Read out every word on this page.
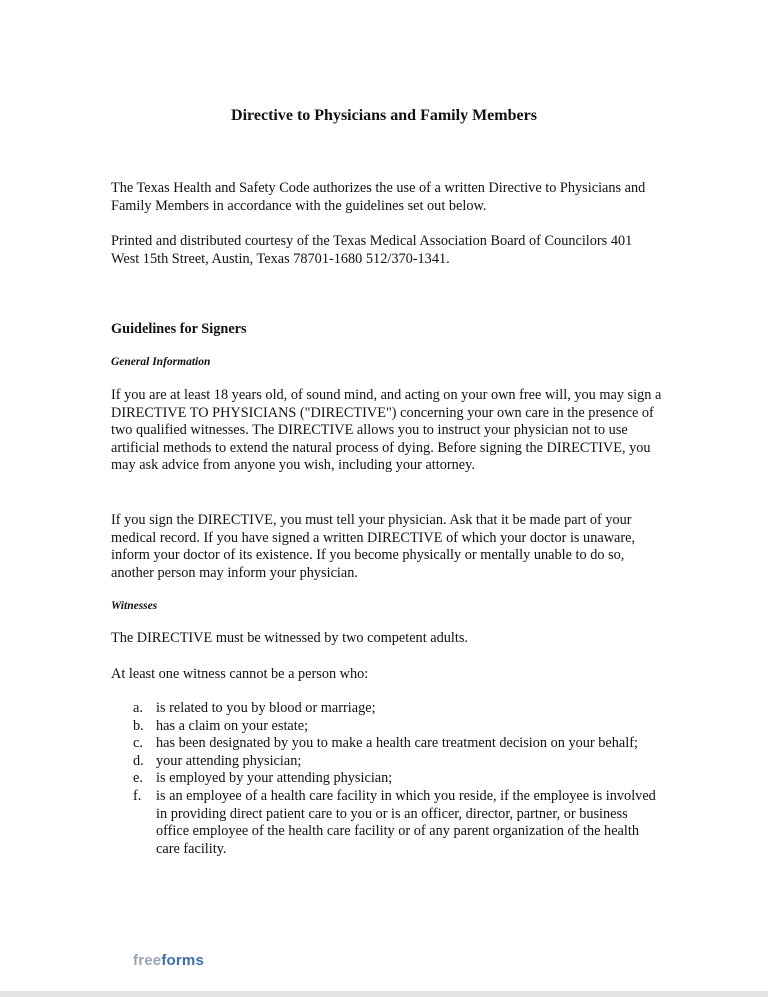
Directive to Physicians and Family Members

The Texas Health and Safety Code authorizes the use of a written Directive to Physicians and Family Members in accordance with the guidelines set out below.

Printed and distributed courtesy of the Texas Medical Association Board of Councilors 401 West 15th Street, Austin, Texas 78701-1680 512/370-1341.

Guidelines for Signers
General Information

If you are at least 18 years old, of sound mind, and acting on your own free will, you may sign a DIRECTIVE TO PHYSICIANS ("DIRECTIVE") concerning your own care in the presence of two qualified witnesses. The DIRECTIVE allows you to instruct your physician not to use artificial methods to extend the natural process of dying. Before signing the DIRECTIVE, you may ask advice from anyone you wish, including your attorney.

If you sign the DIRECTIVE, you must tell your physician. Ask that it be made part of your medical record. If you have signed a written DIRECTIVE of which your doctor is unaware, inform your doctor of its existence. If you become physically or mentally unable to do so, another person may inform your physician.

Witnesses

The DIRECTIVE must be witnessed by two competent adults.

At least one witness cannot be a person who:

a. is related to you by blood or marriage;
b. has a claim on your estate;
c. has been designated by you to make a health care treatment decision on your behalf;
d. your attending physician;
e. is employed by your attending physician;
f. is an employee of a health care facility in which you reside, if the employee is involved in providing direct patient care to you or is an officer, director, partner, or business office employee of the health care facility or of any parent organization of the health care facility.
freeforms
